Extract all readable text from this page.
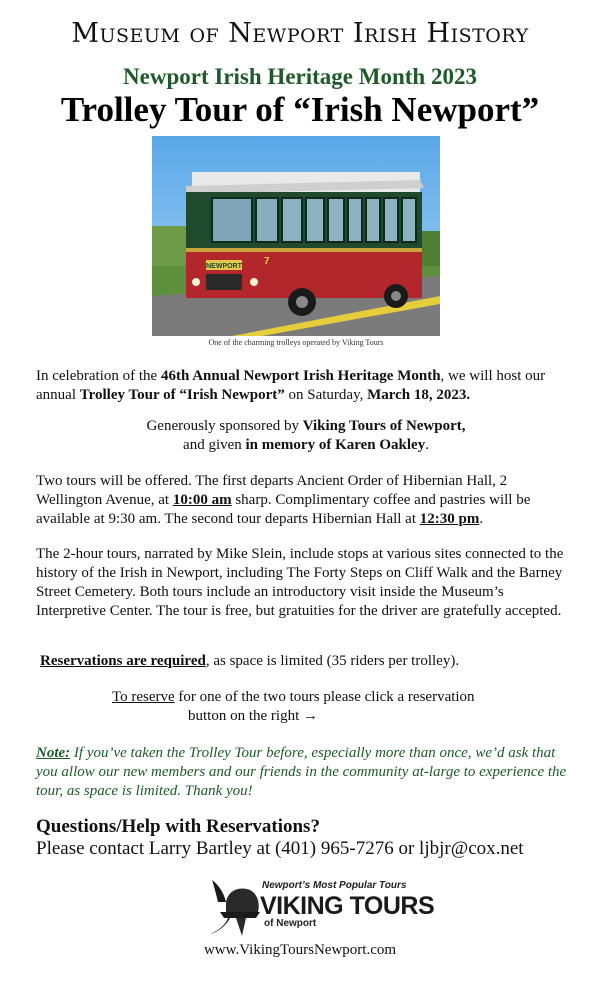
Museum of Newport Irish History
Newport Irish Heritage Month 2023
Trolley Tour of “Irish Newport”
NEWPORT 7
One of the charming trolleys operated by Viking Tours
In celebration of the 46th Annual Newport Irish Heritage Month, we will host our annual Trolley Tour of “Irish Newport” on Saturday, March 18, 2023.
Generously sponsored by Viking Tours of Newport,
and given in memory of Karen Oakley.
Two tours will be offered. The first departs Ancient Order of Hibernian Hall, 2 Wellington Avenue, at 10:00 am sharp. Complimentary coffee and pastries will be available at 9:30 am. The second tour departs Hibernian Hall at 12:30 pm.
The 2-hour tours, narrated by Mike Slein, include stops at various sites connected to the history of the Irish in Newport, including The Forty Steps on Cliff Walk and the Barney Street Cemetery. Both tours include an introductory visit inside the Museum’s Interpretive Center. The tour is free, but gratuities for the driver are gratefully accepted.
Reservations are required, as space is limited (35 riders per trolley).
To reserve for one of the two tours please click a reservation
button on the right →
Note: If you’ve taken the Trolley Tour before, especially more than once, we’d ask that you allow our new members and our friends in the community at-large to experience the tour, as space is limited. Thank you!
Questions/Help with Reservations?
Please contact Larry Bartley at (401) 965-7276 or ljbjr@cox.net
Newport’s Most Popular Tours
VIKING TOURS
of Newport
www.VikingToursNewport.com
